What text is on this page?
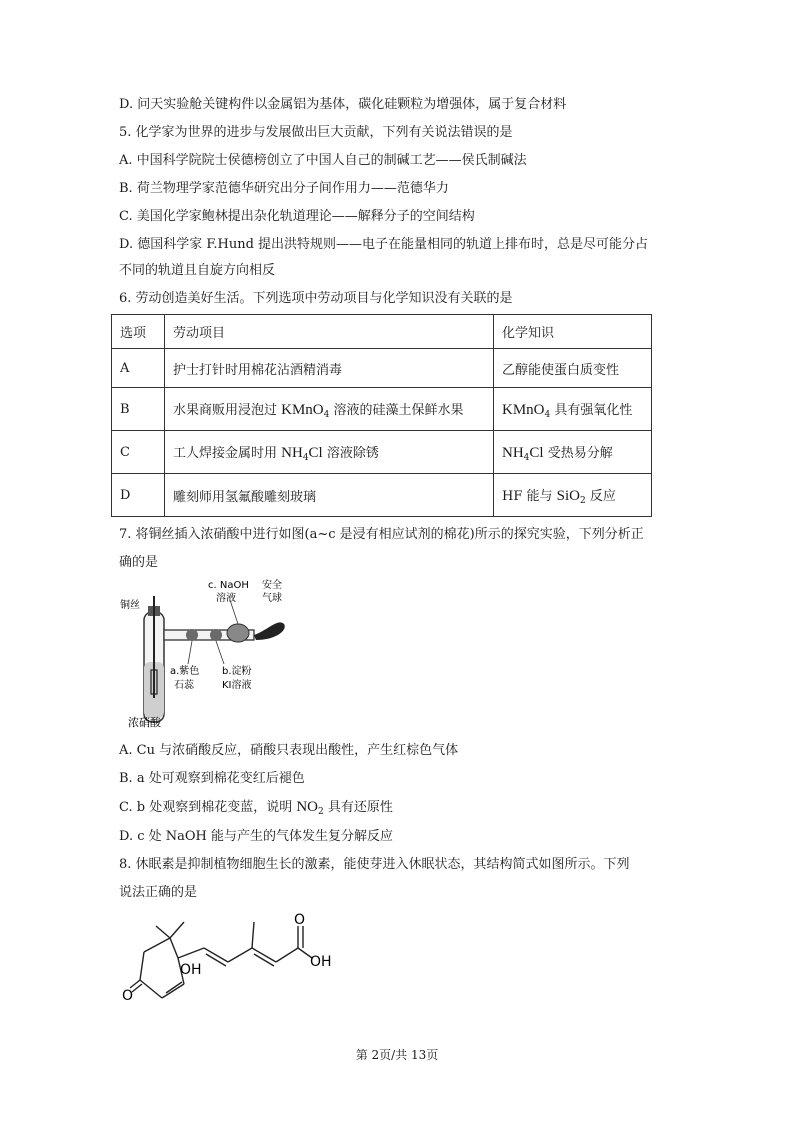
D. 问天实验舱关键构件以金属铝为基体，碳化硅颗粒为增强体，属于复合材料
5. 化学家为世界的进步与发展做出巨大贡献，下列有关说法错误的是
A. 中国科学院院士侯德榜创立了中国人自己的制碱工艺——侯氏制碱法
B. 荷兰物理学家范德华研究出分子间作用力——范德华力
C. 美国化学家鲍林提出杂化轨道理论——解释分子的空间结构
D. 德国科学家 F.Hund 提出洪特规则——电子在能量相同的轨道上排布时，总是尽可能分占
不同的轨道且自旋方向相反
6. 劳动创造美好生活。下列选项中劳动项目与化学知识没有关联的是
选项	劳动项目	化学知识
A	护士打针时用棉花沾酒精消毒	乙醇能使蛋白质变性
B	水果商贩用浸泡过 KMnO$_4$ 溶液的硅藻土保鲜水果	KMnO$_4$ 具有强氧化性
C	工人焊接金属时用 $NH_4Cl$ 溶液除锈	$NH_4Cl$ 受热易分解
D	雕刻师用氢氟酸雕刻玻璃	HF 能与 SiO$_2$ 反应
7. 将铜丝插入浓硝酸中进行如图(a~c 是浸有相应试剂的棉花)所示的探究实验，下列分析正
确的是
铜丝
c. NaOH
溶液
安全
气球
a.紫色
石蕊
b.淀粉
KI溶液
浓硝酸
A. Cu 与浓硝酸反应，硝酸只表现出酸性，产生红棕色气体
B. a 处可观察到棉花变红后褪色
C. b 处观察到棉花变蓝，说明 $NO_2$ 具有还原性
D. c 处 NaOH 能与产生的气体发生复分解反应
8. 休眠素是抑制植物细胞生长的激素，能使芽进入休眠状态，其结构简式如图所示。下列
说法正确的是
O
OH
O
OH
第 2页/共 13页
